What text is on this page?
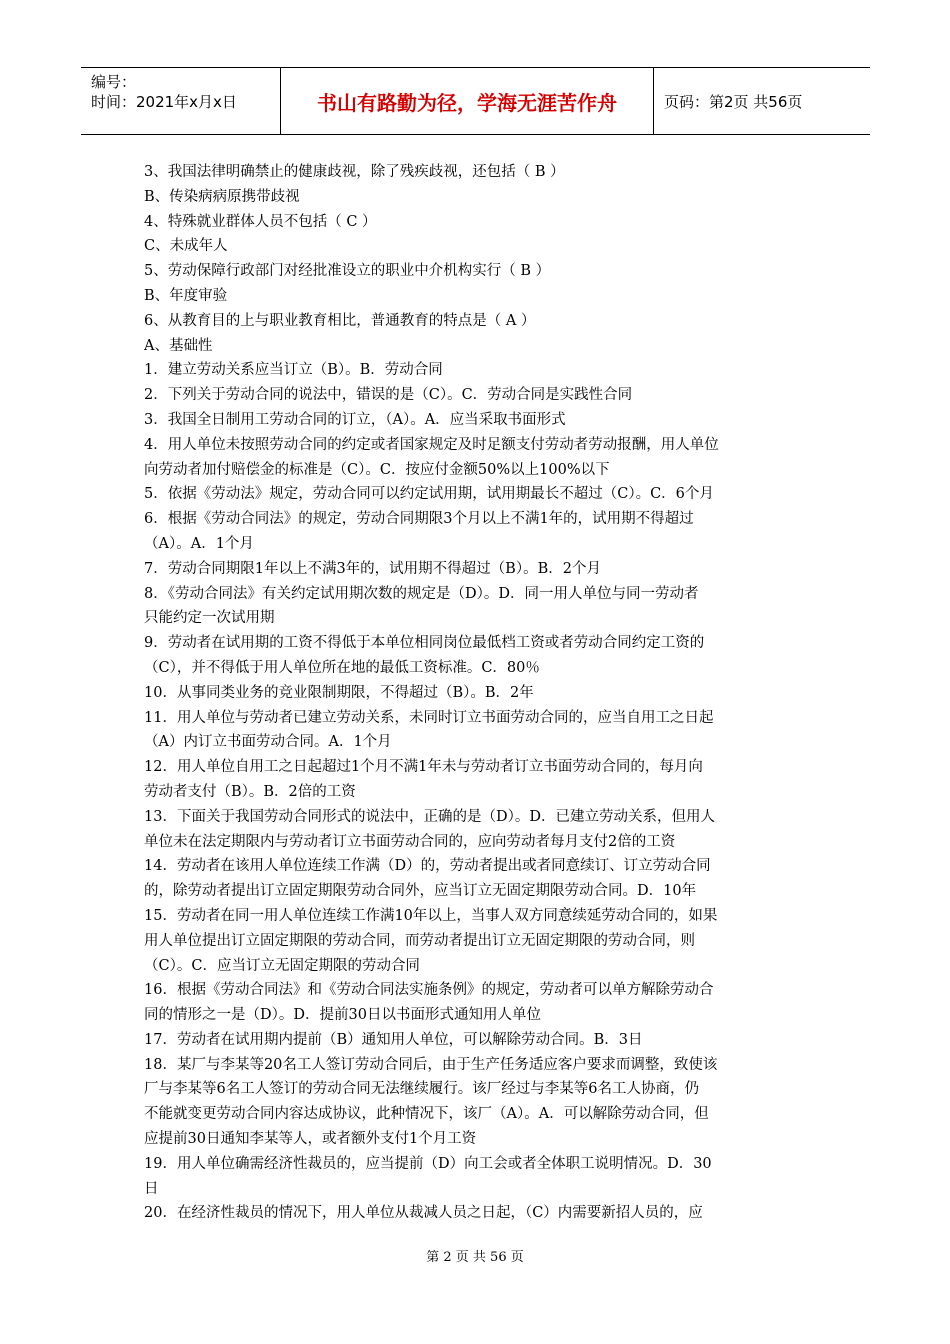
编号：
时间：2021年x月x日	书山有路勤为径，学海无涯苦作舟	页码：第2页 共56页
3、我国法律明确禁止的健康歧视，除了残疾歧视，还包括（ B ）
B、传染病病原携带歧视
4、特殊就业群体人员不包括（ C ）
C、未成年人
5、劳动保障行政部门对经批准设立的职业中介机构实行（ B ）
B、年度审验
6、从教育目的上与职业教育相比，普通教育的特点是（ A ）
A、基础性
1．建立劳动关系应当订立（B）。B．劳动合同
2．下列关于劳动合同的说法中，错误的是（C）。C．劳动合同是实践性合同
3．我国全日制用工劳动合同的订立，（A）。A．应当采取书面形式
4．用人单位未按照劳动合同的约定或者国家规定及时足额支付劳动者劳动报酬，用人单位
向劳动者加付赔偿金的标准是（C）。C．按应付金额50%以上100%以下
5．依据《劳动法》规定，劳动合同可以约定试用期，试用期最长不超过（C）。C．6个月
6．根据《劳动合同法》的规定，劳动合同期限3个月以上不满1年的，试用期不得超过
（A）。A．1个月
7．劳动合同期限1年以上不满3年的，试用期不得超过（B）。B．2个月
8．《劳动合同法》有关约定试用期次数的规定是（D）。D．同一用人单位与同一劳动者
只能约定一次试用期
9．劳动者在试用期的工资不得低于本单位相同岗位最低档工资或者劳动合同约定工资的
（C），并不得低于用人单位所在地的最低工资标准。C．80％
10．从事同类业务的竞业限制期限，不得超过（B）。B．2年
11．用人单位与劳动者已建立劳动关系，未同时订立书面劳动合同的，应当自用工之日起
（A）内订立书面劳动合同。A．1个月
12．用人单位自用工之日起超过1个月不满1年未与劳动者订立书面劳动合同的，每月向
劳动者支付（B）。B．2倍的工资
13．下面关于我国劳动合同形式的说法中，正确的是（D）。D．已建立劳动关系，但用人
单位未在法定期限内与劳动者订立书面劳动合同的，应向劳动者每月支付2倍的工资
14．劳动者在该用人单位连续工作满（D）的，劳动者提出或者同意续订、订立劳动合同
的，除劳动者提出订立固定期限劳动合同外，应当订立无固定期限劳动合同。D．10年
15．劳动者在同一用人单位连续工作满10年以上，当事人双方同意续延劳动合同的，如果
用人单位提出订立固定期限的劳动合同，而劳动者提出订立无固定期限的劳动合同，则
（C）。C．应当订立无固定期限的劳动合同
16．根据《劳动合同法》和《劳动合同法实施条例》的规定，劳动者可以单方解除劳动合
同的情形之一是（D）。D．提前30日以书面形式通知用人单位
17．劳动者在试用期内提前（B）通知用人单位，可以解除劳动合同。B．3日
18．某厂与李某等20名工人签订劳动合同后，由于生产任务适应客户要求而调整，致使该
厂与李某等6名工人签订的劳动合同无法继续履行。该厂经过与李某等6名工人协商，仍
不能就变更劳动合同内容达成协议，此种情况下，该厂（A）。A．可以解除劳动合同，但
应提前30日通知李某等人，或者额外支付1个月工资
19．用人单位确需经济性裁员的，应当提前（D）向工会或者全体职工说明情况。D．30
日
20．在经济性裁员的情况下，用人单位从裁减人员之日起，（C）内需要新招人员的，应
第 2 页 共 56 页
